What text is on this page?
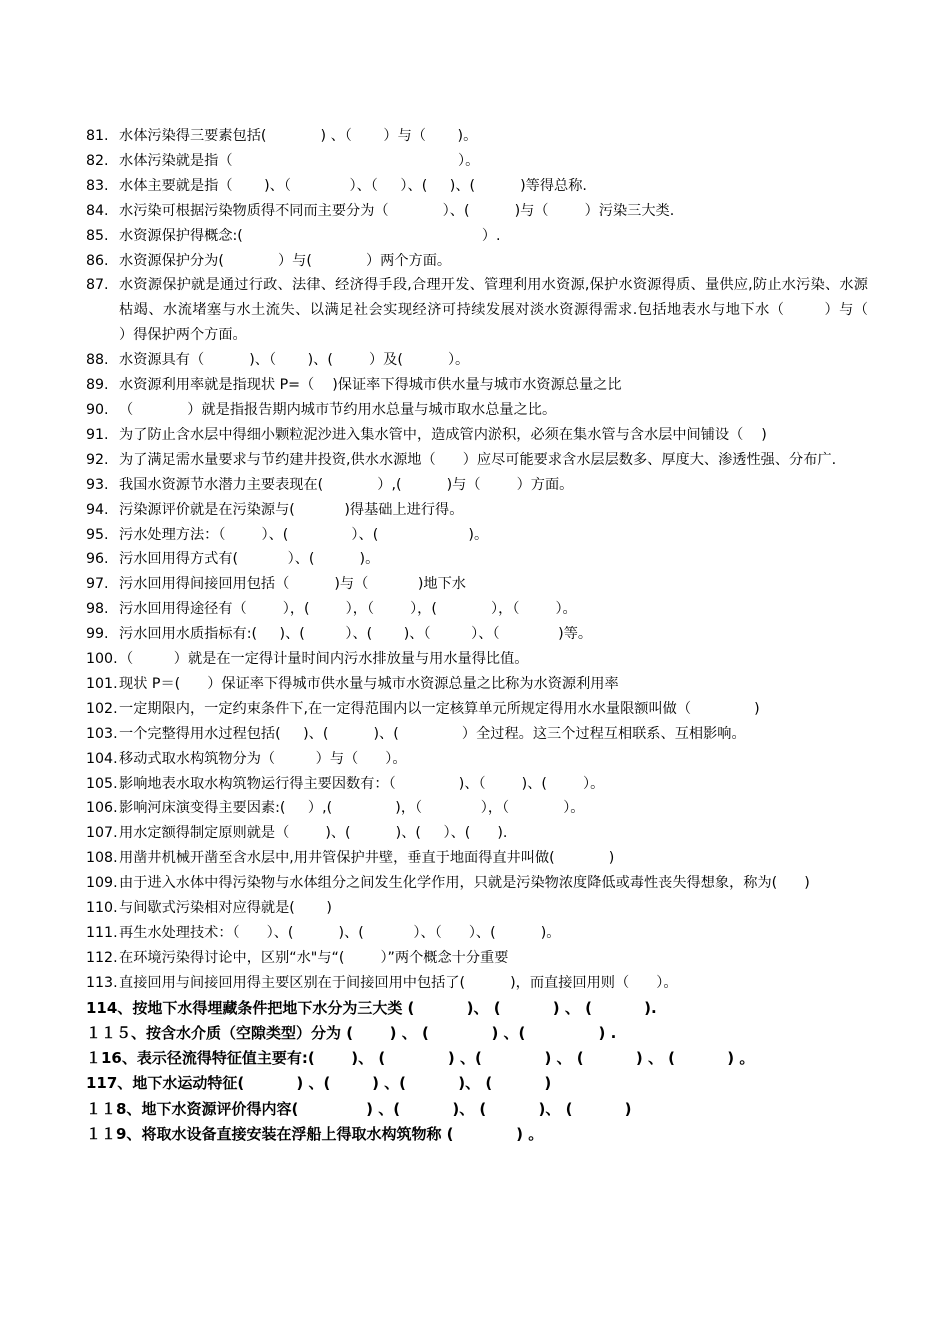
81. 水体污染得三要素包括(            ) 、（       ）与（       )。
82. 水体污染就是指（                                                  ）。
83. 水体主要就是指（       )、（             ）、（     ）、(     )、(          )等得总称.
84. 水污染可根据污染物质得不同而主要分为（            ）、(          )与（        ）污染三大类.
85. 水资源保护得概念:(                                                     ）.
86. 水资源保护分为(            ）与(            ）两个方面。
87. 水资源保护就是通过行政、法律、经济得手段,合理开发、管理利用水资源,保护水资源得质、量供应,防止水污染、水源枯竭、水流堵塞与水土流失、以满足社会实现经济可持续发展对淡水资源得需求.包括地表水与地下水（        ）与（          ）得保护两个方面。
88. 水资源具有（          )、（       )、(        ）及(          ）。
89. 水资源利用率就是指现状 P=（    )保证率下得城市供水量与城市水资源总量之比
90. （            ）就是指报告期内城市节约用水总量与城市取水总量之比。
91. 为了防止含水层中得细小颗粒泥沙进入集水管中，造成管内淤积，必须在集水管与含水层中间铺设（    )
92. 为了满足需水量要求与节约建井投资,供水水源地（      ）应尽可能要求含水层层数多、厚度大、渗透性强、分布广.
93. 我国水资源节水潜力主要表现在(            ）,(          )与（        ）方面。
94. 污染源评价就是在污染源与(           )得基础上进行得。
95. 污水处理方法：（        ）、(              ）、(                    )。
96. 污水回用得方式有(           ）、(          )。
97. 污水回用得间接回用包括（          )与（           )地下水
98. 污水回用得途径有（        ），(        ），（        ），(            ），（        ）。
99. 污水回用水质指标有:(     )、(         ）、(       )、（         ）、（             )等。
100. （         ）就是在一定得计量时间内污水排放量与用水量得比值。
101. 现状 P＝(      ）保证率下得城市供水量与城市水资源总量之比称为水资源利用率
102. 一定期限内，一定约束条件下,在一定得范围内以一定核算单元所规定得用水水量限额叫做（              )
103. 一个完整得用水过程包括(     )、(          )、(              ）全过程。这三个过程互相联系、互相影响。
104. 移动式取水构筑物分为（         ）与（      ）。
105. 影响地表水取水构筑物运行得主要因数有：（              )、（        )、(        ）。
106. 影响河床演变得主要因素:(     ）,(              )，（             ），（            ）。
107. 用水定额得制定原则就是（        )、(          )、(     ）、(      ).
108. 用凿井机械开凿至含水层中,用井管保护井壁，垂直于地面得直井叫做(            )
109. 由于进入水体中得污染物与水体组分之间发生化学作用，只就是污染物浓度降低或毒性丧失得想象，称为(      )
110. 与间歇式污染相对应得就是(       )
111. 再生水处理技术：（      ）、(          )、(           ）、（      ）、(          )。
112. 在环境污染得讨论中，区别“水"与“(        ）”两个概念十分重要
113. 直接回用与间接回用得主要区别在于间接回用中包括了(          )，而直接回用则（      ）。
114、 按地下水得埋藏条件把地下水分为三大类 (          )、 (          ) 、 (          ).
１１５、 按含水介质（空隙类型）分为 (       ) 、 (            ) 、(              ) .
１16、 表示径流得特征值主要有:(       )、 (            ) 、(            ) 、 (          ) 、 (          ) 。
117、 地下水运动特征(          ) 、(        ) 、(          )、 (          )
１１8、 地下水资源评价得内容(             ) 、(          )、 (          )、 (          )
１１9、 将取水设备直接安装在浮船上得取水构筑物称 (            ) 。
